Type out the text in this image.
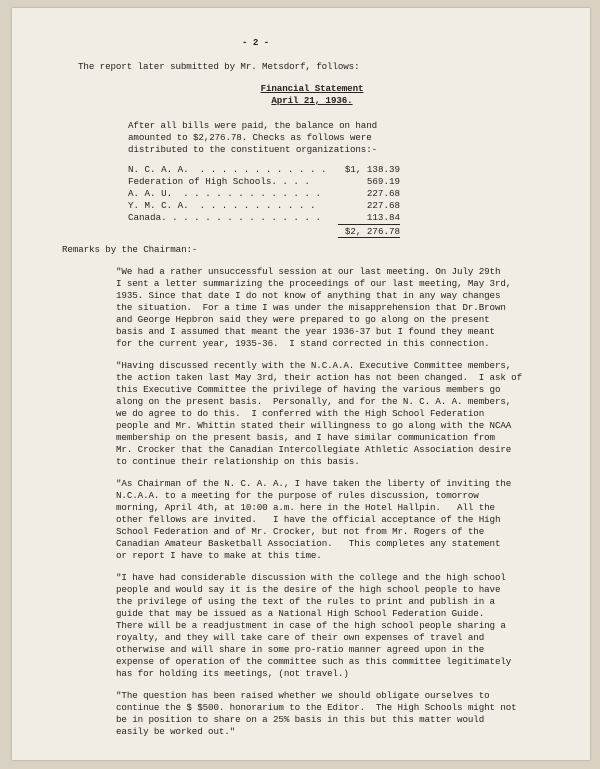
- 2 -
The report later submitted by Mr. Metsdorf, follows:
Financial Statement
April 21, 1936.
After all bills were paid, the balance on hand
amounted to $2,276.78. Checks as follows were
distributed to the constituent organizations:-
N. C. A. A.  . . . . . . . . . . . . $1, 138.39
Federation of High Schools. . . .	569.19
A. A. U.  . . . . . . . . . . . . .	227.68
Y. M. C. A.  . . . . . . . . . . .	227.68
Canada. . . . . . . . . . . . . . .	113.84
$2, 276.78
Remarks by the Chairman:-
"We had a rather unsuccessful session at our last meeting. On July 29th
I sent a letter summarizing the proceedings of our last meeting, May 3rd,
1935. Since that date I do not know of anything that in any way changes
the situation.  For a time I was under the misapprehension that Dr.Brown
and George Hepbron said they were prepared to go along on the present
basis and I assumed that meant the year 1936-37 but I found they meant
for the current year, 1935-36.  I stand corrected in this connection.
"Having discussed recently with the N.C.A.A. Executive Committee members,
the action taken last May 3rd, their action has not been changed.  I ask of
this Executive Committee the privilege of having the various members go
along on the present basis.  Personally, and for the N. C. A. A. members,
we do agree to do this.  I conferred with the High School Federation
people and Mr. Whittin stated their willingness to go along with the NCAA
membership on the present basis, and I have similar communication from
Mr. Crocker that the Canadian Intercollegiate Athletic Association desire
to continue their relationship on this basis.
"As Chairman of the N. C. A. A., I have taken the liberty of inviting the
N.C.A.A. to a meeting for the purpose of rules discussion, tomorrow
morning, April 4th, at 10:00 a.m. here in the Hotel Hallpin.   All the
other fellows are invited.   I have the official acceptance of the High
School Federation and of Mr. Crocker, but not from Mr. Rogers of the
Canadian Amateur Basketball Association.   This completes any statement
or report I have to make at this time.
"I have had considerable discussion with the college and the high school
people and would say it is the desire of the high school people to have
the privilege of using the text of the rules to print and publish in a
guide that may be issued as a National High School Federation Guide.
There will be a readjustment in case of the high school people sharing a
royalty, and they will take care of their own expenses of travel and
otherwise and will share in some pro-ratio manner agreed upon in the
expense of operation of the committee such as this committee legitimately
has for holding its meetings, (not travel.)
"The question has been raised whether we should obligate ourselves to
continue the $ $500. honorarium to the Editor.  The High Schools might not
be in position to share on a 25% basis in this but this matter would
easily be worked out."
